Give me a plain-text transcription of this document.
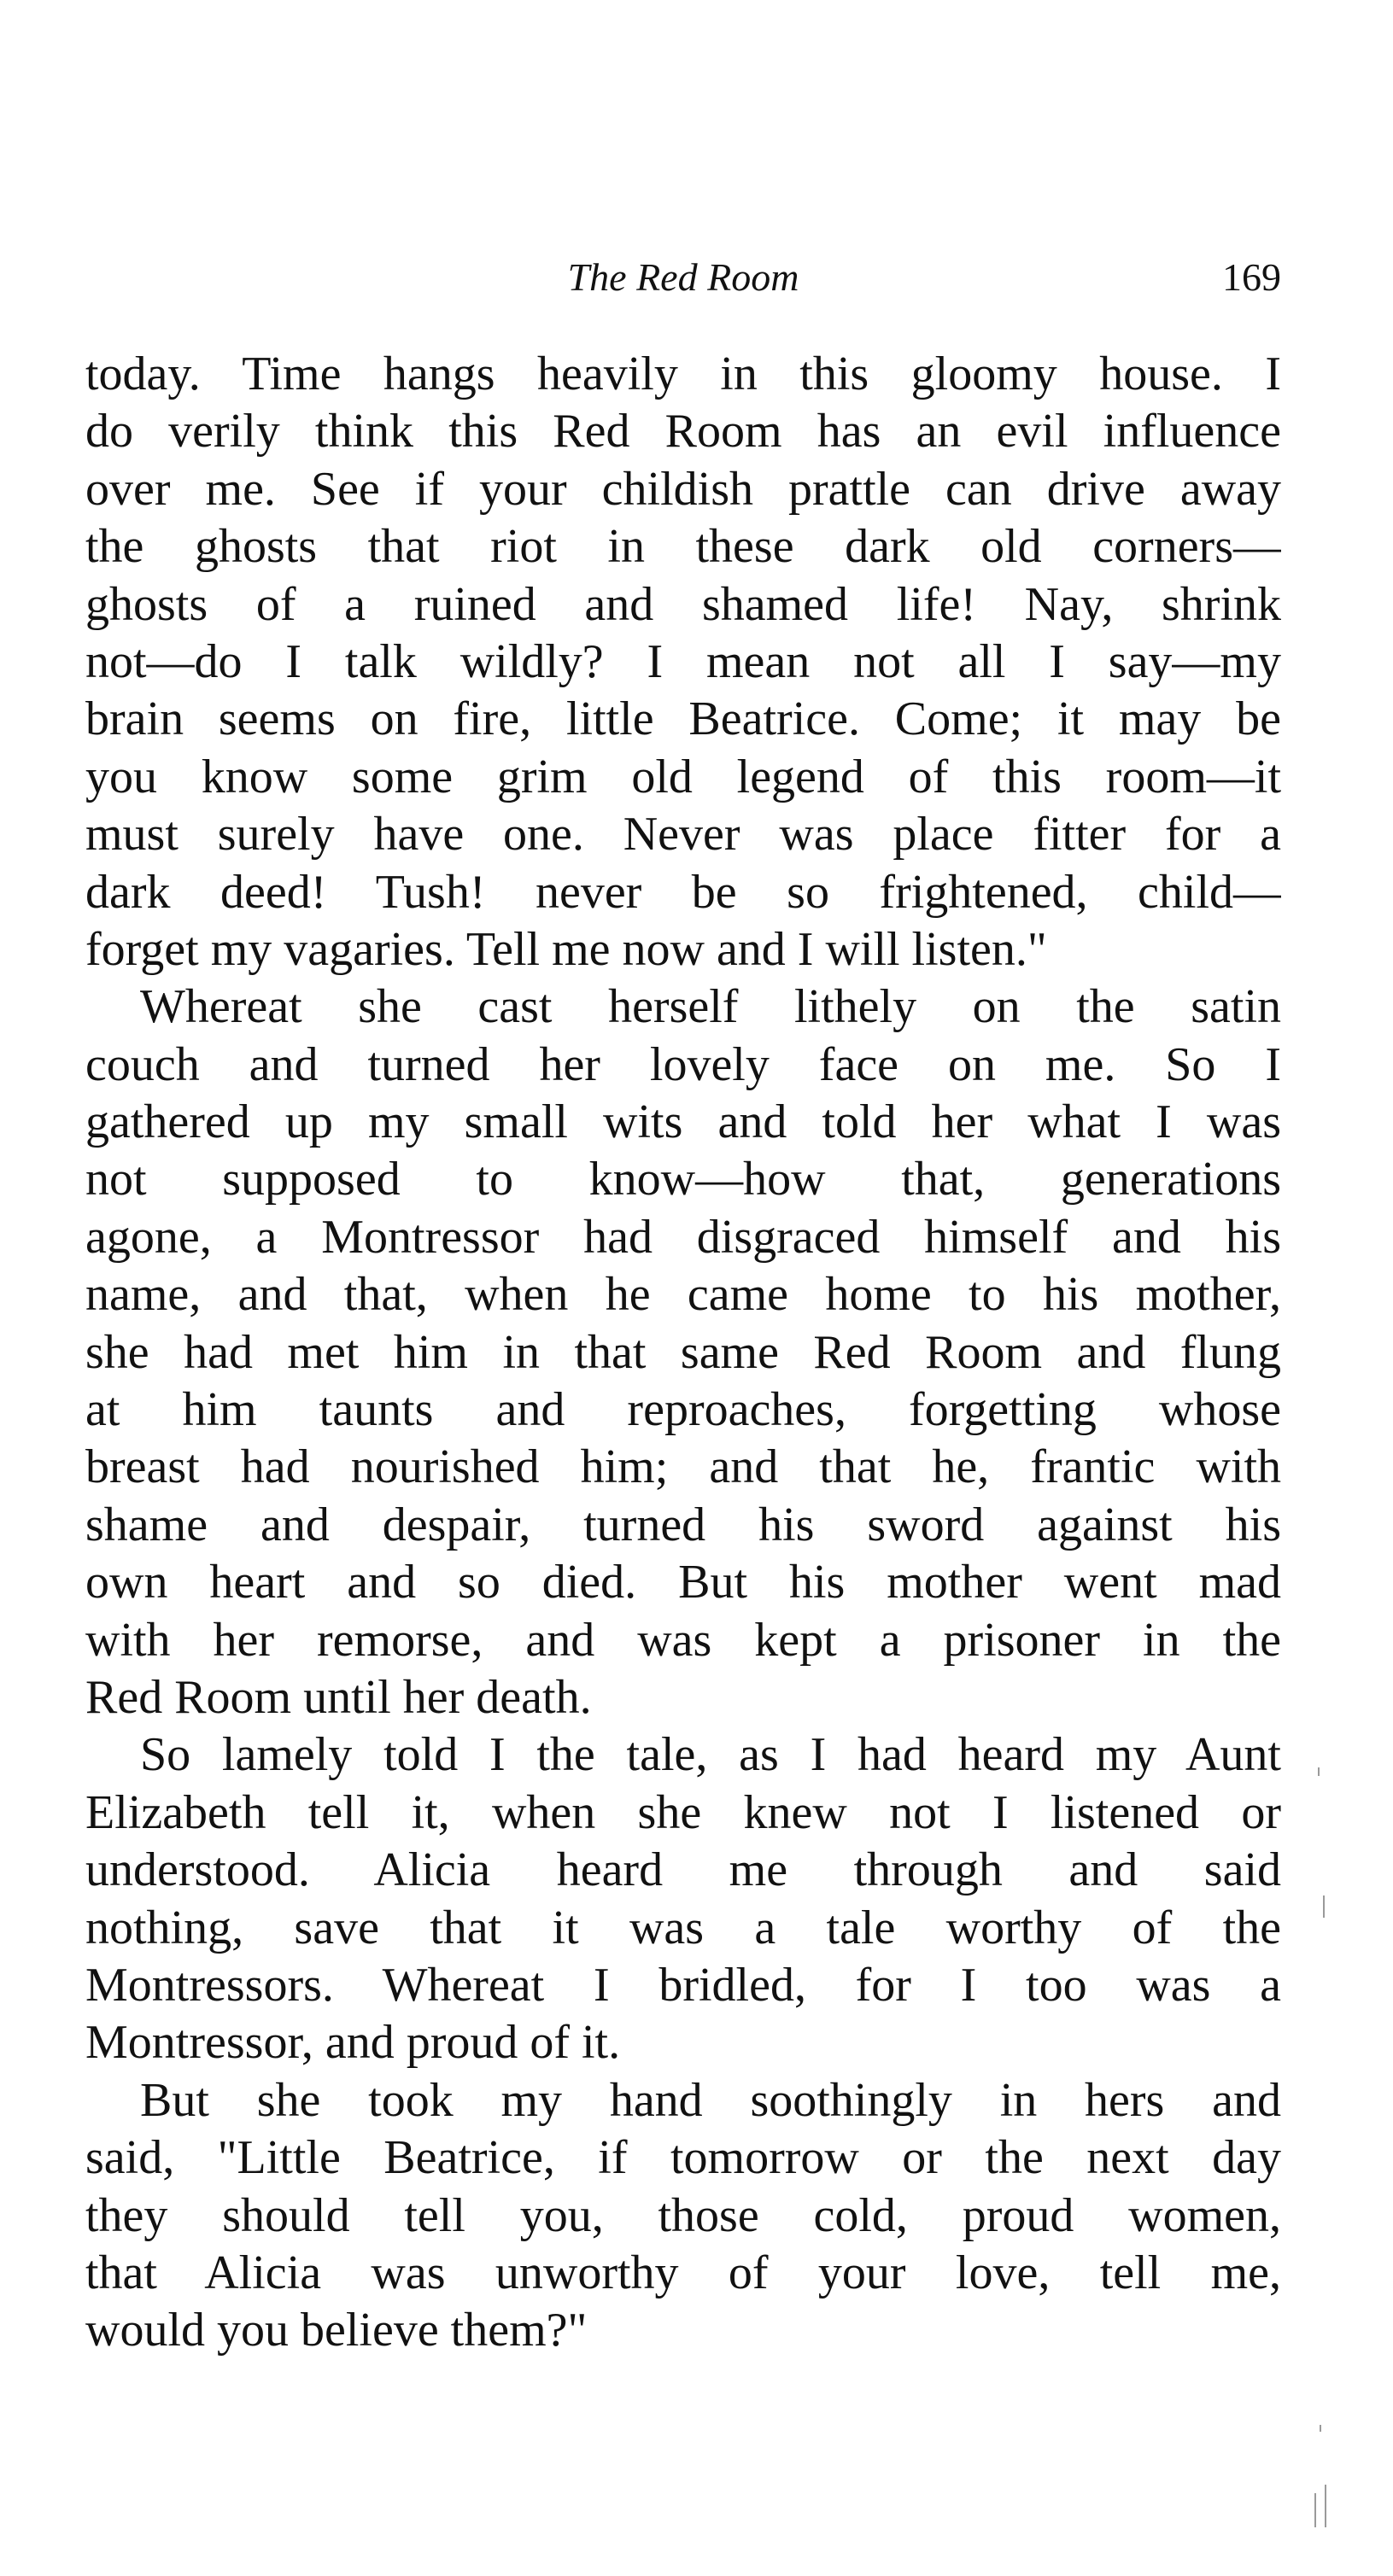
The Red Room	169
today. Time hangs heavily in this gloomy house. I
do verily think this Red Room has an evil influence
over me. See if your childish prattle can drive away
the ghosts that riot in these dark old corners—
ghosts of a ruined and shamed life! Nay, shrink
not—do I talk wildly? I mean not all I say—my
brain seems on fire, little Beatrice. Come; it may be
you know some grim old legend of this room—it
must surely have one. Never was place fitter for a
dark deed! Tush! never be so frightened, child—
forget my vagaries. Tell me now and I will listen."
Whereat she cast herself lithely on the satin
couch and turned her lovely face on me. So I
gathered up my small wits and told her what I was
not supposed to know—how that, generations
agone, a Montressor had disgraced himself and his
name, and that, when he came home to his mother,
she had met him in that same Red Room and flung
at him taunts and reproaches, forgetting whose
breast had nourished him; and that he, frantic with
shame and despair, turned his sword against his
own heart and so died. But his mother went mad
with her remorse, and was kept a prisoner in the
Red Room until her death.
So lamely told I the tale, as I had heard my Aunt
Elizabeth tell it, when she knew not I listened or
understood. Alicia heard me through and said
nothing, save that it was a tale worthy of the
Montressors. Whereat I bridled, for I too was a
Montressor, and proud of it.
But she took my hand soothingly in hers and
said, "Little Beatrice, if tomorrow or the next day
they should tell you, those cold, proud women,
that Alicia was unworthy of your love, tell me,
would you believe them?"
